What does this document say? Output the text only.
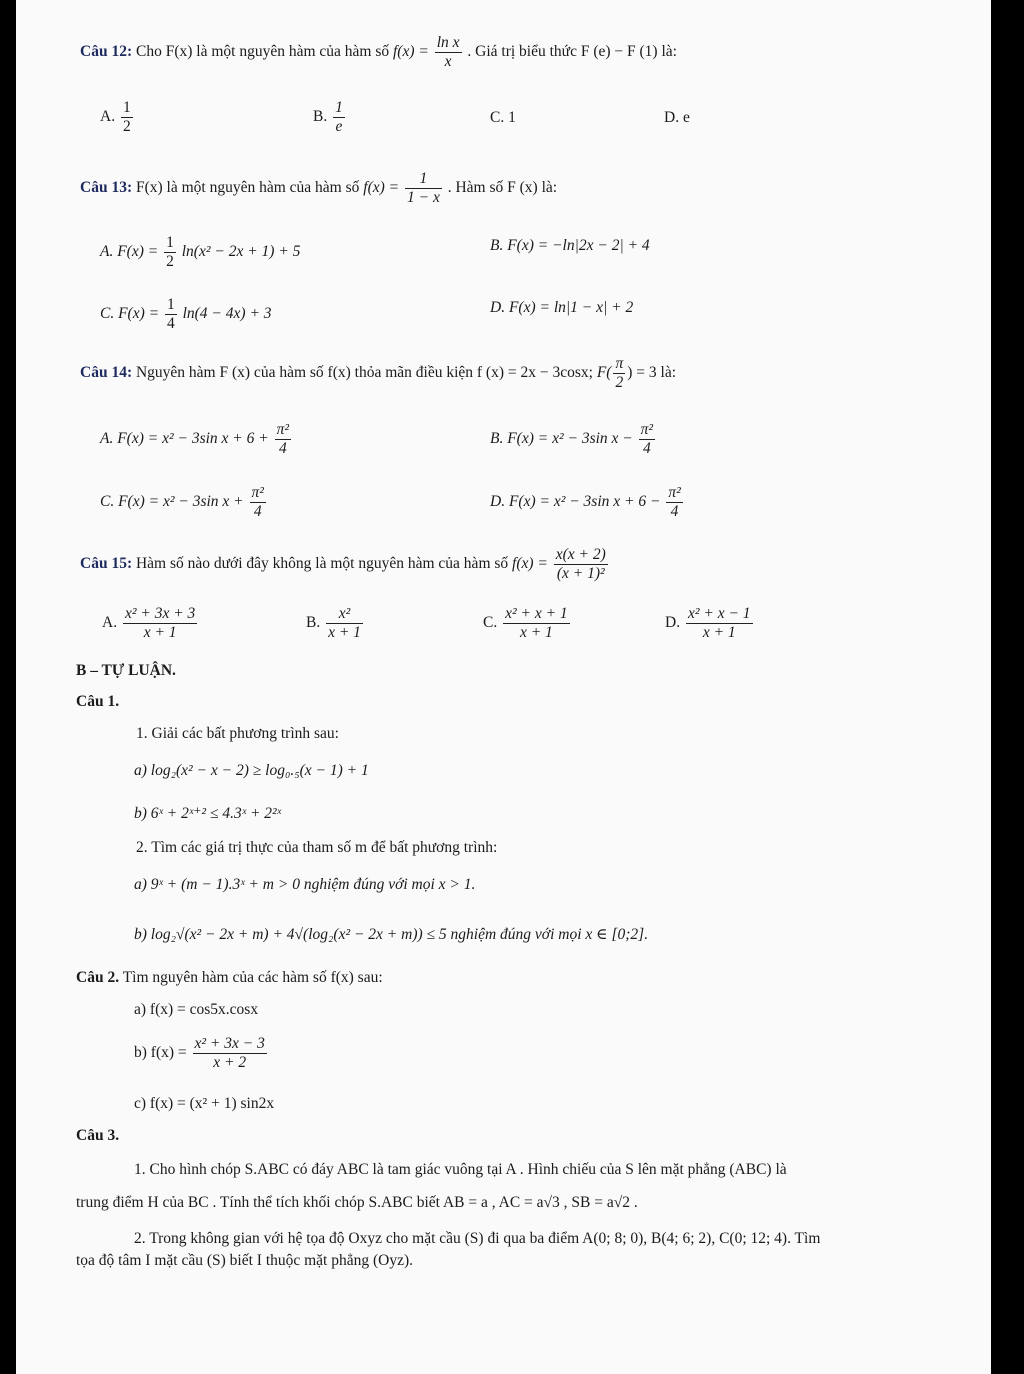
Câu 12: Cho F(x) là một nguyên hàm của hàm số $f(x) = \frac{\text{ln x}}{x}$ . Giá trị biểu thức F (e) − F (1) là:
A. $\frac{1}{2}$	B. $\frac{1}{e}$	C. 1	D. e
Câu 13: F(x) là một nguyên hàm của hàm số $f(x) = \frac{1}{1 - x}$ . Hàm số F (x) là:
A. $F(x) = \frac{1}{2} \ln(x^2 - 2x + 1) + 5$	B. F(x) = −ln|2x − 2| + 4
C. $F(x) = \frac{1}{4} \ln(4 - 4x) + 3$	D. F(x) = ln|1 − x| + 2
Câu 14: Nguyên hàm F (x) của hàm số f(x) thỏa mãn điều kiện f (x) = 2x − 3cosx; $F( \frac{\pi}{2}$ ) = 3 là:
A. F(x) = x² − 3sin $x + 6 + \frac{\text{π²}}{4}$	B. F(x) = x² − 3sin $x - \frac{\text{π²}}{4}$
C. F(x) = x² − 3sin $x + \frac{\text{π²}}{4}$	D. F(x) = x² − 3sin $x + 6 - \frac{\text{π²}}{4}$
Câu 15: Hàm số nào dưới đây không là một nguyên hàm của hàm số $f(x) = \frac{x(x + 2)}{\text{(x + 1)²}}$
A. $\frac{\text{x² + 3x + 3}}{x + 1}$	B. $\frac{\text{x²}}{x + 1}$	C. $\frac{\text{x² + x + 1}}{x + 1}$	D. $\frac{\text{x² + x − 1}}{x + 1}$
B – TỰ LUẬN.
Câu 1.
1. Giải các bất phương trình sau:
a) log₂(x² − x − 2) ≥ log₀.₅(x − 1) + 1
b) 6ˣ + 2ˣ⁺² ≤ 4.3ˣ + 2²ˣ
2. Tìm các giá trị thực của tham số m để bất phương trình:
a) 9ˣ + (m − 1).3ˣ + m > 0 nghiệm đúng với mọi x > 1.
b) log₂√(x² − 2x + m) + 4√(log₂(x² − 2x + m)) ≤ 5 nghiệm đúng với mọi x ∈ [0;2].
Câu 2. Tìm nguyên hàm của các hàm số f(x) sau:
a) f(x) = cos5x.cosx
b) $f(x) = \frac{\text{x² + 3x − 3}}{x + 2}$
c) f(x) = (x² + 1) sin2x
Câu 3.
1. Cho hình chóp S.ABC có đáy ABC là tam giác vuông tại A . Hình chiếu của S lên mặt phẳng (ABC) là
trung điểm H của BC . Tính thể tích khối chóp S.ABC biết AB = a , AC = a√3 , SB = a√2 .
2. Trong không gian với hệ tọa độ Oxyz cho mặt cầu (S) đi qua ba điểm A(0; 8; 0), B(4; 6; 2), C(0; 12; 4). Tìm
tọa độ tâm I mặt cầu (S) biết I thuộc mặt phẳng (Oyz).
